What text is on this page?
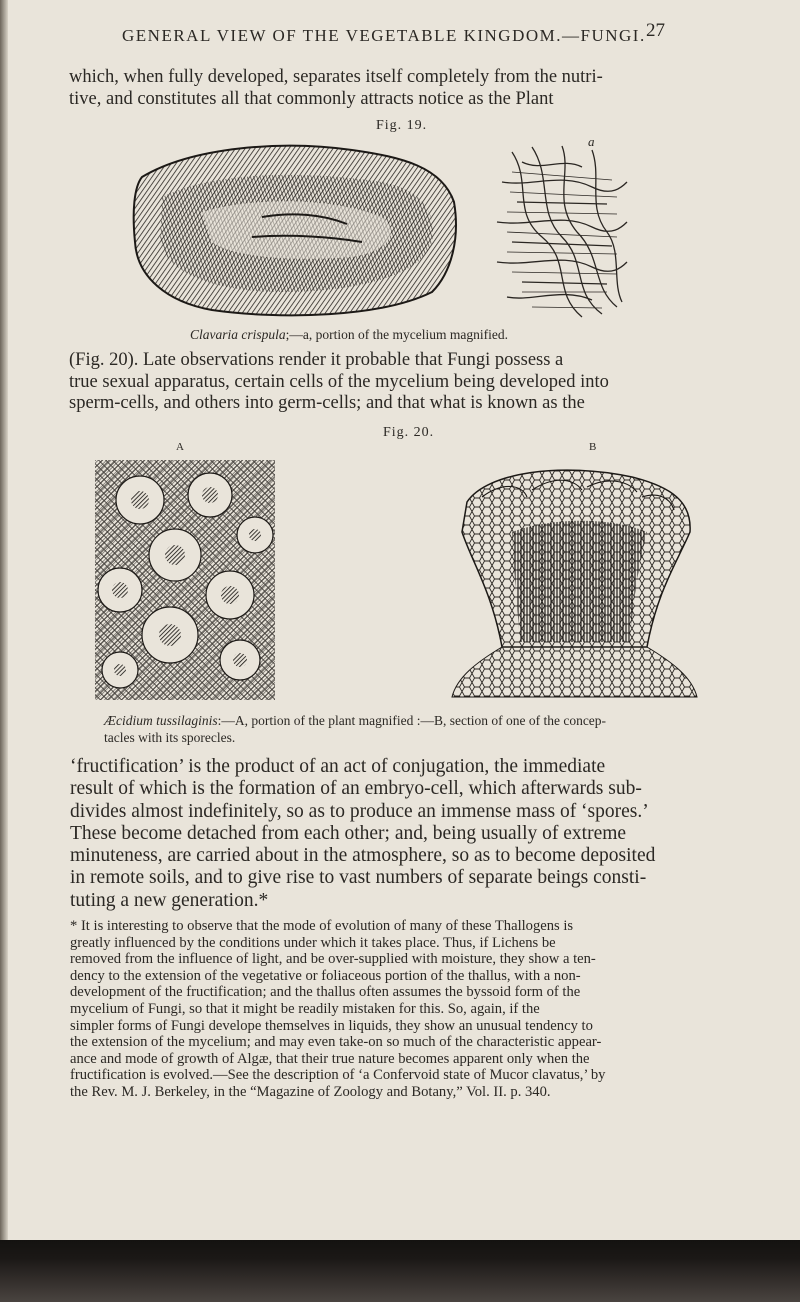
GENERAL VIEW OF THE VEGETABLE KINGDOM.—FUNGI. 27
which, when fully developed, separates itself completely from the nutri-
tive, and constitutes all that commonly attracts notice as the Plant
Fig. 19.
a
Clavaria crispula;—a, portion of the mycelium magnified.
(Fig. 20). Late observations render it probable that Fungi possess a
true sexual apparatus, certain cells of the mycelium being developed into
sperm-cells, and others into germ-cells; and that what is known as the
Fig. 20.
A	B
Æcidium tussilaginis:—A, portion of the plant magnified :—B, section of one of the concep-
tacles with its sporecles.
‘fructification’ is the product of an act of conjugation, the immediate
result of which is the formation of an embryo-cell, which afterwards sub-
divides almost indefinitely, so as to produce an immense mass of ‘spores.’
These become detached from each other; and, being usually of extreme
minuteness, are carried about in the atmosphere, so as to become deposited
in remote soils, and to give rise to vast numbers of separate beings consti-
tuting a new generation.*
* It is interesting to observe that the mode of evolution of many of these Thallogens is
greatly influenced by the conditions under which it takes place. Thus, if Lichens be
removed from the influence of light, and be over-supplied with moisture, they show a ten-
dency to the extension of the vegetative or foliaceous portion of the thallus, with a non-
development of the fructification; and the thallus often assumes the byssoid form of the
mycelium of Fungi, so that it might be readily mistaken for this. So, again, if the
simpler forms of Fungi develope themselves in liquids, they show an unusual tendency to
the extension of the mycelium; and may even take-on so much of the characteristic appear-
ance and mode of growth of Algæ, that their true nature becomes apparent only when the
fructification is evolved.—See the description of ‘a Confervoid state of Mucor clavatus,’ by
the Rev. M. J. Berkeley, in the “Magazine of Zoology and Botany,” Vol. II. p. 340.
